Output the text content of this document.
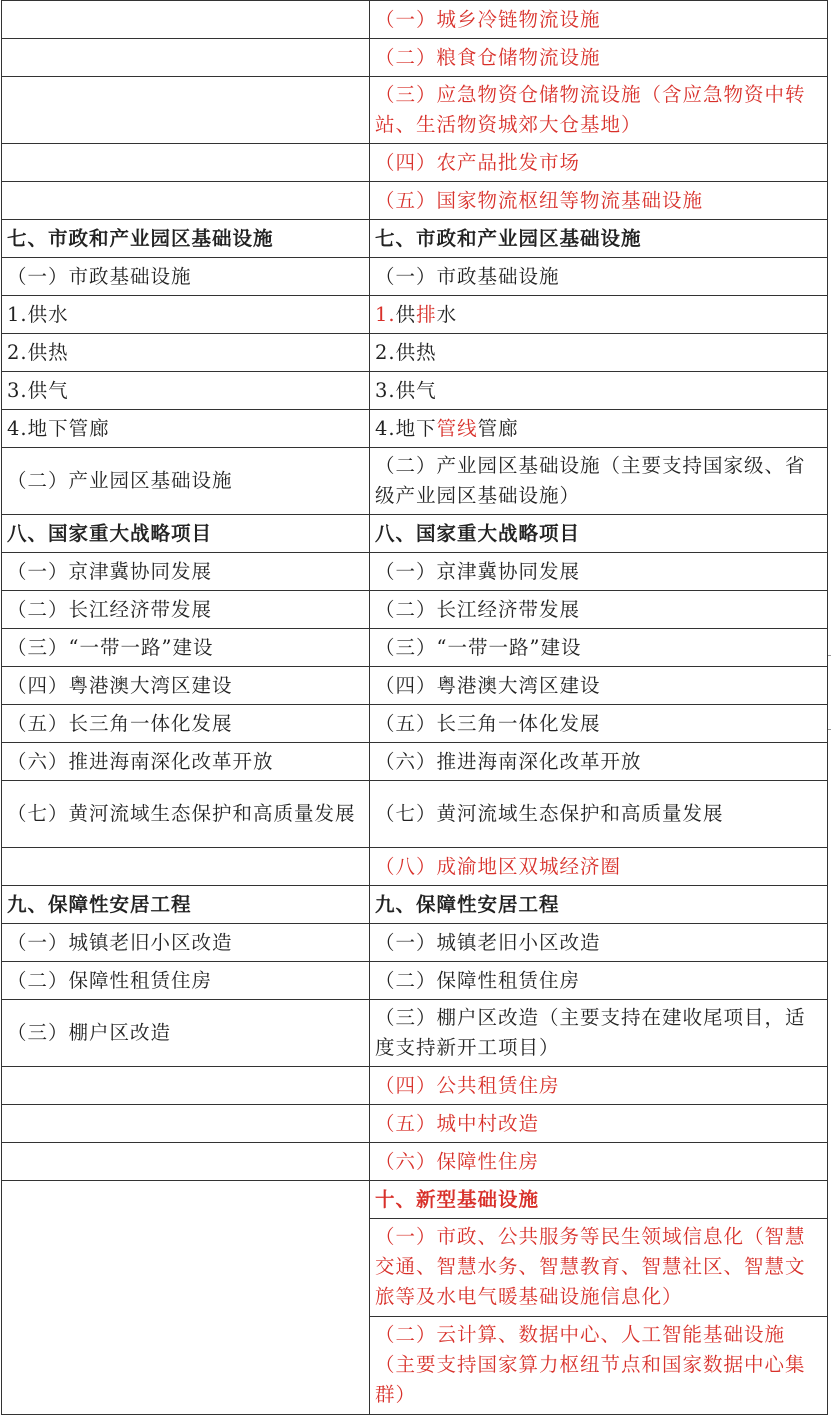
	（一）城乡冷链物流设施
	（二）粮食仓储物流设施
	（三）应急物资仓储物流设施（含应急物资中转站、生活物资城郊大仓基地）
	（四）农产品批发市场
	（五）国家物流枢纽等物流基础设施
七、市政和产业园区基础设施	七、市政和产业园区基础设施
（一）市政基础设施	（一）市政基础设施
1.供水	1.供排水
2.供热	2.供热
3.供气	3.供气
4.地下管廊	4.地下管线管廊
（二）产业园区基础设施	（二）产业园区基础设施（主要支持国家级、省级产业园区基础设施）
八、国家重大战略项目	八、国家重大战略项目
（一）京津冀协同发展	（一）京津冀协同发展
（二）长江经济带发展	（二）长江经济带发展
（三）“一带一路”建设	（三）“一带一路”建设
（四）粤港澳大湾区建设	（四）粤港澳大湾区建设
（五）长三角一体化发展	（五）长三角一体化发展
（六）推进海南深化改革开放	（六）推进海南深化改革开放
（七）黄河流域生态保护和高质量发展	（七）黄河流域生态保护和高质量发展
	（八）成渝地区双城经济圈
九、保障性安居工程	九、保障性安居工程
（一）城镇老旧小区改造	（一）城镇老旧小区改造
（二）保障性租赁住房	（二）保障性租赁住房
（三）棚户区改造	（三）棚户区改造（主要支持在建收尾项目，适度支持新开工项目）
	（四）公共租赁住房
	（五）城中村改造
	（六）保障性住房
	十、新型基础设施
	（一）市政、公共服务等民生领域信息化（智慧交通、智慧水务、智慧教育、智慧社区、智慧文旅等及水电气暖基础设施信息化）
	（二）云计算、数据中心、人工智能基础设施（主要支持国家算力枢纽节点和国家数据中心集群）
